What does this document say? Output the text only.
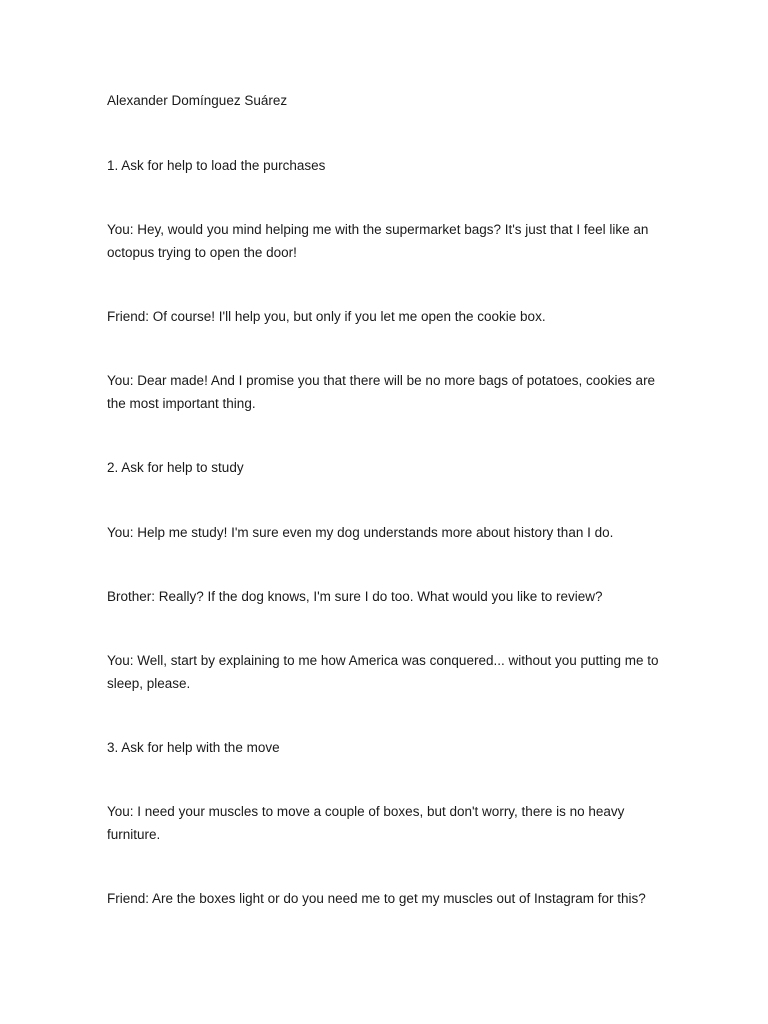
Alexander Domínguez Suárez

1. Ask for help to load the purchases

You: Hey, would you mind helping me with the supermarket bags? It's just that I feel like an octopus trying to open the door!

Friend: Of course! I'll help you, but only if you let me open the cookie box.

You: Dear made! And I promise you that there will be no more bags of potatoes, cookies are the most important thing.

2. Ask for help to study

You: Help me study! I'm sure even my dog understands more about history than I do.

Brother: Really? If the dog knows, I'm sure I do too. What would you like to review?

You: Well, start by explaining to me how America was conquered... without you putting me to sleep, please.

3. Ask for help with the move

You: I need your muscles to move a couple of boxes, but don't worry, there is no heavy furniture.

Friend: Are the boxes light or do you need me to get my muscles out of Instagram for this?
